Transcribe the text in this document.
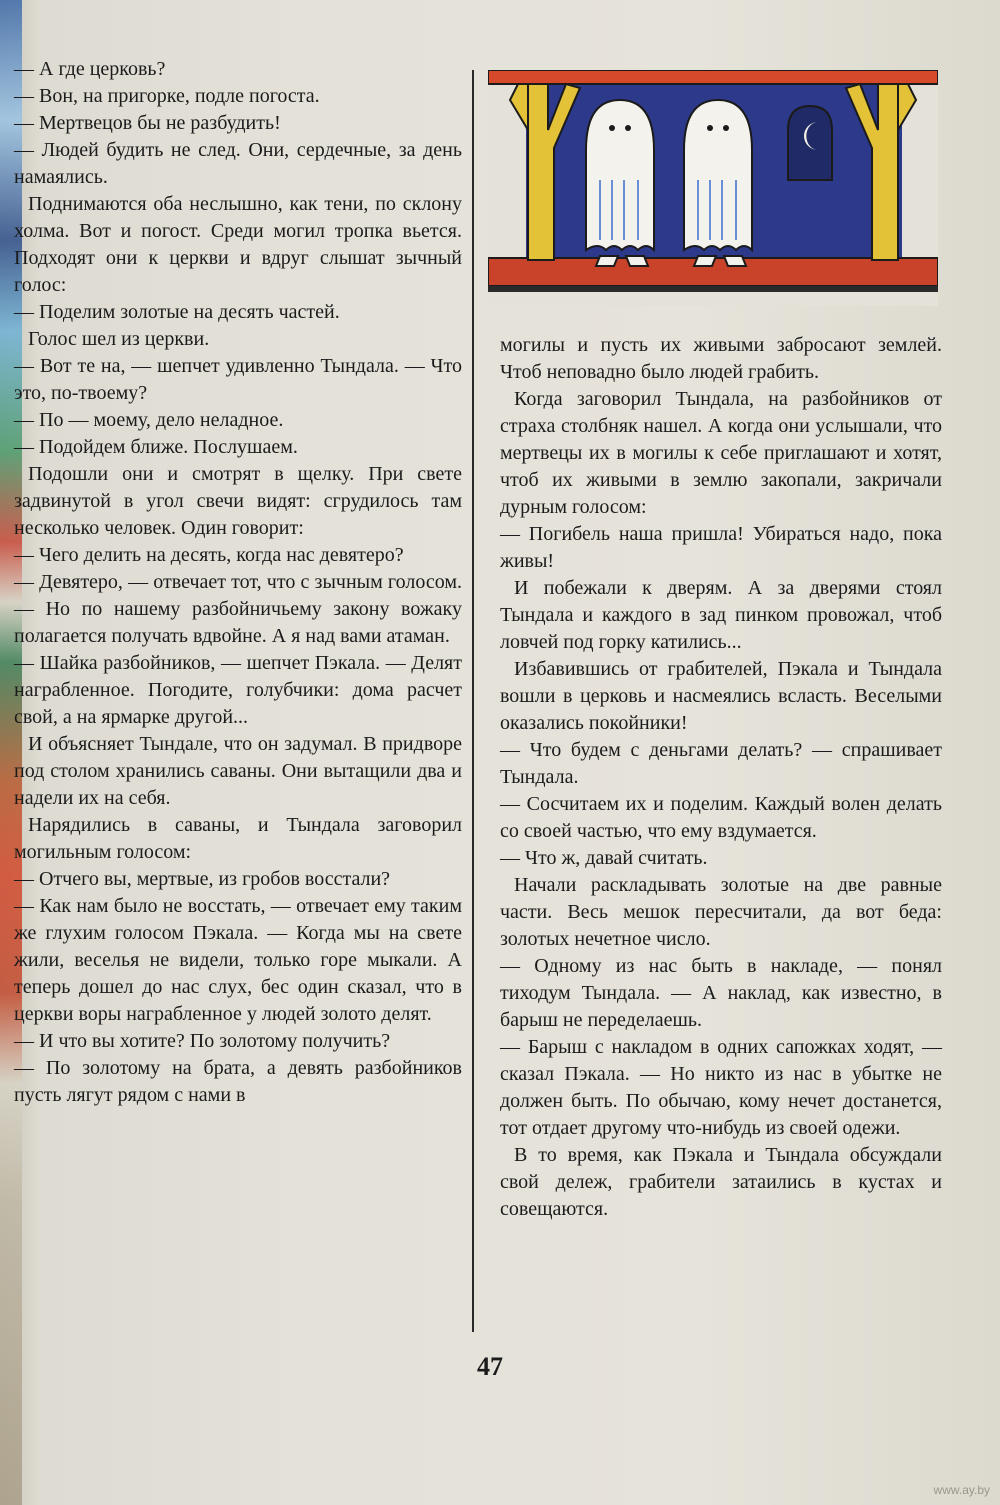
— А где церковь?

— Вон, на пригорке, подле погоста.

— Мертвецов бы не разбудить!

— Людей будить не след. Они, сердечные, за день намаялись.

Поднимаются оба неслышно, как тени, по склону холма. Вот и погост. Среди могил тропка вьется. Подходят они к церкви и вдруг слышат зычный голос:

— Поделим золотые на десять частей.

Голос шел из церкви.

— Вот те на, — шепчет удивленно Тындала. — Что это, по-твоему?

— По — моему, дело неладное.

— Подойдем ближе. Послушаем.

Подошли они и смотрят в щелку. При свете задвинутой в угол свечи видят: сгрудилось там несколько человек. Один говорит:

— Чего делить на десять, когда нас девятеро?

— Девятеро, — отвечает тот, что с зычным голосом. — Но по нашему разбойничьему закону вожаку полагается получать вдвойне. А я над вами атаман.

— Шайка разбойников, — шепчет Пэкала. — Делят награбленное. Погодите, голубчики: дома расчет свой, а на ярмарке другой...

И объясняет Тындале, что он задумал. В придворе под столом хранились саваны. Они вытащили два и надели их на себя.

Нарядились в саваны, и Тындала заговорил могильным голосом:

— Отчего вы, мертвые, из гробов восстали?

— Как нам было не восстать, — отвечает ему таким же глухим голосом Пэкала. — Когда мы на свете жили, веселья не видели, только горе мыкали. А теперь дошел до нас слух, бес один сказал, что в церкви воры награбленное у людей золото делят.

— И что вы хотите? По золотому получить?

— По золотому на брата, а девять разбойников пусть лягут рядом с нами в

могилы и пусть их живыми забросают землей. Чтоб неповадно было людей грабить.

Когда заговорил Тындала, на разбойников от страха столбняк нашел. А когда они услышали, что мертвецы их в могилы к себе приглашают и хотят, чтоб их живыми в землю закопали, закричали дурным голосом:

— Погибель наша пришла! Убираться надо, пока живы!

И побежали к дверям. А за дверями стоял Тындала и каждого в зад пинком провожал, чтоб ловчей под горку катились...

Избавившись от грабителей, Пэкала и Тындала вошли в церковь и насмеялись всласть. Веселыми оказались покойники!

— Что будем с деньгами делать? — спрашивает Тындала.

— Сосчитаем их и поделим. Каждый волен делать со своей частью, что ему вздумается.

— Что ж, давай считать.

Начали раскладывать золотые на две равные части. Весь мешок пересчитали, да вот беда: золотых нечетное число.

— Одному из нас быть в накладе, — понял тиходум Тындала. — А наклад, как известно, в барыш не переделаешь.

— Барыш с накладом в одних сапожках ходят, — сказал Пэкала. — Но никто из нас в убытке не должен быть. По обычаю, кому нечет достанется, тот отдает другому что-нибудь из своей одежи.

В то время, как Пэкала и Тындала обсуждали свой дележ, грабители затаились в кустах и совещаются.

47
www.ay.by
